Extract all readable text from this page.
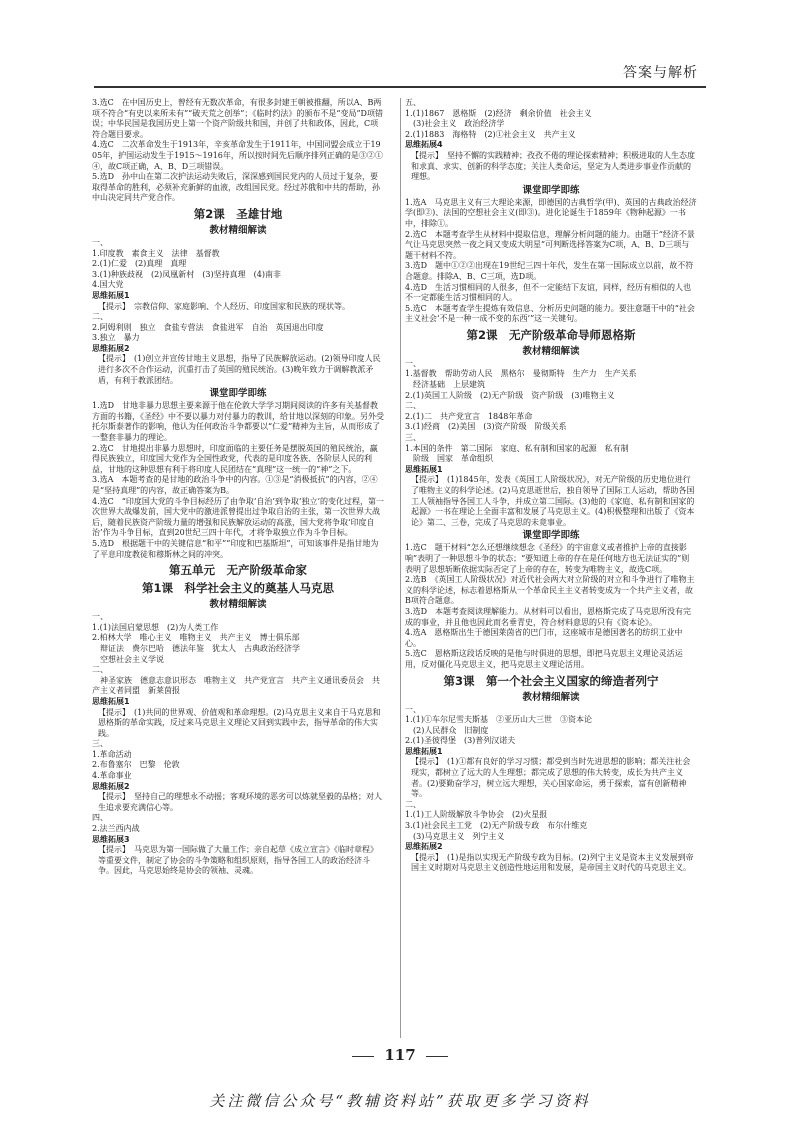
答案与解析

3.选C　在中国历史上，曾经有无数次革命，有很多封建王朝被推翻，所以A、B两项不符合“有史以来所未有”“破天荒之创举”；《临时约法》的颁布不是“变局”D项错误；中华民国是我国历史上第一个资产阶级共和国，并创了共和政体，因此，C项符合题目要求。

4.选C　二次革命发生于1913年，辛亥革命发生于1911年，中国同盟会成立于1905年，护国运动发生于1915～1916年，所以按时间先后顺序排列正确的是③②①④，故C项正确，A、B、D三项错误。

5.选D　孙中山在第二次护法运动失败后，深深感到国民党内的人员过于复杂，要取得革命的胜利，必须补充新鲜的血液，改组国民党。经过苏俄和中共的帮助，孙中山决定同共产党合作。

第2课　圣雄甘地

教材精细解读

一、

1.印度教　素食主义　法律　基督教

2.(1)仁爱　(2)真理　真理

3.(1)种族歧视　(2)凤凰新村　(3)坚持真理　(4)南非

4.国大党

思维拓展1

【提示】　宗教信仰、家庭影响、个人经历、印度国家和民族的现状等。

二、

2.阿姆利则　独立　食盐专营法　食盐进军　自治　英国退出印度

3.独立　暴力

思维拓展2

【提示】　(1)创立并宣传甘地主义思想，指导了民族解放运动。(2)领导印度人民进行多次不合作运动，沉重打击了英国的殖民统治。(3)晚年致力于调解教派矛盾，有利于教派团结。

课堂即学即练

1.选D　甘地非暴力思想主要来源于他在伦敦大学学习期间阅读的许多有关基督教方面的书籍，《圣经》中不要以暴力对付暴力的教训，给甘地以深刻的印象。另外受托尔斯泰著作的影响，他认为任何政治斗争都要以“仁爱”精神为主旨，从而形成了一整套非暴力的理论。

2.选C　甘地提出非暴力思想时，印度面临的主要任务是摆脱英国的殖民统治，赢得民族独立，印度国大党作为全国性政党，代表的是印度各族、各阶层人民的利益，甘地的这种思想有利于将印度人民团结在“真理”这一统一的“神”之下。

3.选A　本题考查的是甘地的政治斗争中的内容。①③是“消极抵抗”的内容，②④是“坚持真理”的内容，故正确答案为B。

4.选C　“印度国大党的斗争目标经历了由争取‘自治’到争取‘独立’的变化过程，第一次世界大战爆发前，国大党中的激进派曾提出过争取自治的主张，第一次世界大战后，随着民族资产阶级力量的增强和民族解放运动的高涨，国大党将争取‘印度自治’作为斗争目标，直到20世纪三四十年代，才将争取独立作为斗争目标。

5.选D　根据题干中的关键信息“和平”“印度和巴基斯坦”，可知该事件是指甘地为了平息印度教徒和穆斯林之间的冲突。

第五单元　无产阶级革命家

第1课　科学社会主义的奠基人马克思

教材精细解读

一、

1.(1)法国启蒙思想　(2)为人类工作

2.柏林大学　唯心主义　唯物主义　共产主义　博士俱乐部

　辩证法　费尔巴哈　德法年鉴　犹太人　古典政治经济学

　空想社会主义学说

二、

　神圣家族　德意志意识形态　唯物主义　共产党宣言　共产主义通讯委员会　共产主义者同盟　新莱茵报

思维拓展1

【提示】　(1)共同的世界观、价值观和革命理想。(2)马克思主义来自于马克思和恩格斯的革命实践，反过来马克思主义理论又回到实践中去，指导革命的伟大实践。

三、

1.革命活动

2.布鲁塞尔　巴黎　伦敦

4.革命事业

思维拓展2

【提示】　坚持自己的理想永不动摇；客观环境的恶劣可以炼就坚毅的品格；对人生追求要充满信心等。

四、

2.法兰西内战

思维拓展3

【提示】　马克思为第一国际做了大量工作；亲自起草《成立宣言》《临时章程》等重要文件，制定了协会的斗争策略和组织原则，指导各国工人的政治经济斗争。因此，马克思始终是协会的领袖、灵魂。

五、

1.(1)1867　恩格斯　(2)经济　剩余价值　社会主义

　(3)社会主义　政治经济学

2.(1)1883　海格特　(2)①社会主义　共产主义

思维拓展4

【提示】　坚持不懈的实践精神；孜孜不倦的理论探索精神；积极进取的人生态度和求真、求实、创新的科学态度；关注人类命运，坚定为人类进步事业作贡献的理想。

课堂即学即练

1.选A　马克思主义有三大理论来源，即德国的古典哲学(甲)、英国的古典政治经济学(即②)、法国的空想社会主义(即③)。进化论诞生于1859年《物种起源》一书中，排除①。

2.选C　本题考查学生从材料中提取信息，理解分析问题的能力。由题干“经济不景气让马克思突然一夜之间又变成大明星”可判断选择答案为C项，A、B、D三项与题干材料不符。

3.选D　题中①②②出现在19世纪三四十年代，发生在第一国际成立以前，故不符合题意。排除A、B、C三项，选D项。

4.选D　生活习惯相同的人很多，但不一定能结下友谊，同样，经历有相似的人也不一定都能生活习惯相同的人。

5.选C　本题考查学生提炼有效信息、分析历史问题的能力。要注意题干中的“社会主义社会‘不是一种一成不变的东西’”这一关键句。

第2课　无产阶级革命导师恩格斯

教材精细解读

一、

1.基督教　帮助劳动人民　黑格尔　曼彻斯特　生产力　生产关系

　经济基础　上层建筑

2.(1)英国工人阶级　(2)无产阶级　资产阶级　(3)唯物主义

二、

2.(1)二　共产党宣言　1848年革命

3.(1)经商　(2)美国　(3)资产阶级　阶级关系

三、

1.本国的条件　第二国际　家庭、私有制和国家的起源　私有制

　阶级　国家　革命组织

思维拓展1

【提示】　(1)1845年，发表《英国工人阶级状况》，对无产阶级的历史地位进行了唯物主义的科学论述。(2)马克思逝世后，独自领导了国际工人运动，帮助各国工人领袖指导各国工人斗争，并成立第二国际。(3)他的《家庭、私有制和国家的起源》一书在理论上全面丰富和发展了马克思主义。(4)积极整理和出版了《资本论》第二、三卷，完成了马克思的未竟事业。

课堂即学即练

1.选C　题干材料“怎么还想继续想念《圣经》的宇宙意义或者推护上帝的直接影响”表明了一种思想斗争的状态；“要知道上帝的存在是任何地方也无法证实的”则表明了思想斩断依据实际否定了上帝的存在，转变为唯物主义，故选C项。

2.选B　《英国工人阶级状况》对近代社会两大对立阶级的对立和斗争进行了唯物主义的科学论述，标志着恩格斯从一个革命民主主义者转变成为一个共产主义者，故B项符合题意。

3.选D　本题考查阅读理解能力。从材料可以看出，恩格斯完成了马克思所没有完成的事业，并且他也因此而名垂青史，符合材料意思的只有《资本论》。

4.选A　恩格斯出生于德国莱茵省的巴门市，这座城市是德国著名的纺织工业中心。

5.选C　恩格斯这段话反映的是他与时俱进的思想，即把马克思主义理论灵活运用，反对僵化马克思主义，把马克思主义理论活用。

第3课　第一个社会主义国家的缔造者列宁

教材精细解读

一、

1.(1)①车尔尼雪夫斯基　②亚历山大三世　③资本论

　(2)人民群众　旧制度

2.(1)圣彼得堡　(3)普列汉诺夫

思维拓展1

【提示】　(1)①都有良好的学习习惯；都受到当时先进思想的影响；都关注社会现实，都树立了远大的人生理想；都完成了思想的伟大转变，成长为共产主义者。(2)要勤奋学习，树立远大理想，关心国家命运，勇于探索，富有创新精神等。

二、

1.(1)工人阶级解放斗争协会　(2)火星报

3.(1)社会民主工党　(2)无产阶级专政　布尔什维克

　(3)马克思主义　列宁主义

思维拓展2

【提示】　(1)是指以实现无产阶级专政为目标。(2)列宁主义是资本主义发展到帝国主义时期对马克思主义创造性地运用和发展，是帝国主义时代的马克思主义。

117
关注微信公众号“教辅资料站”获取更多学习资料
